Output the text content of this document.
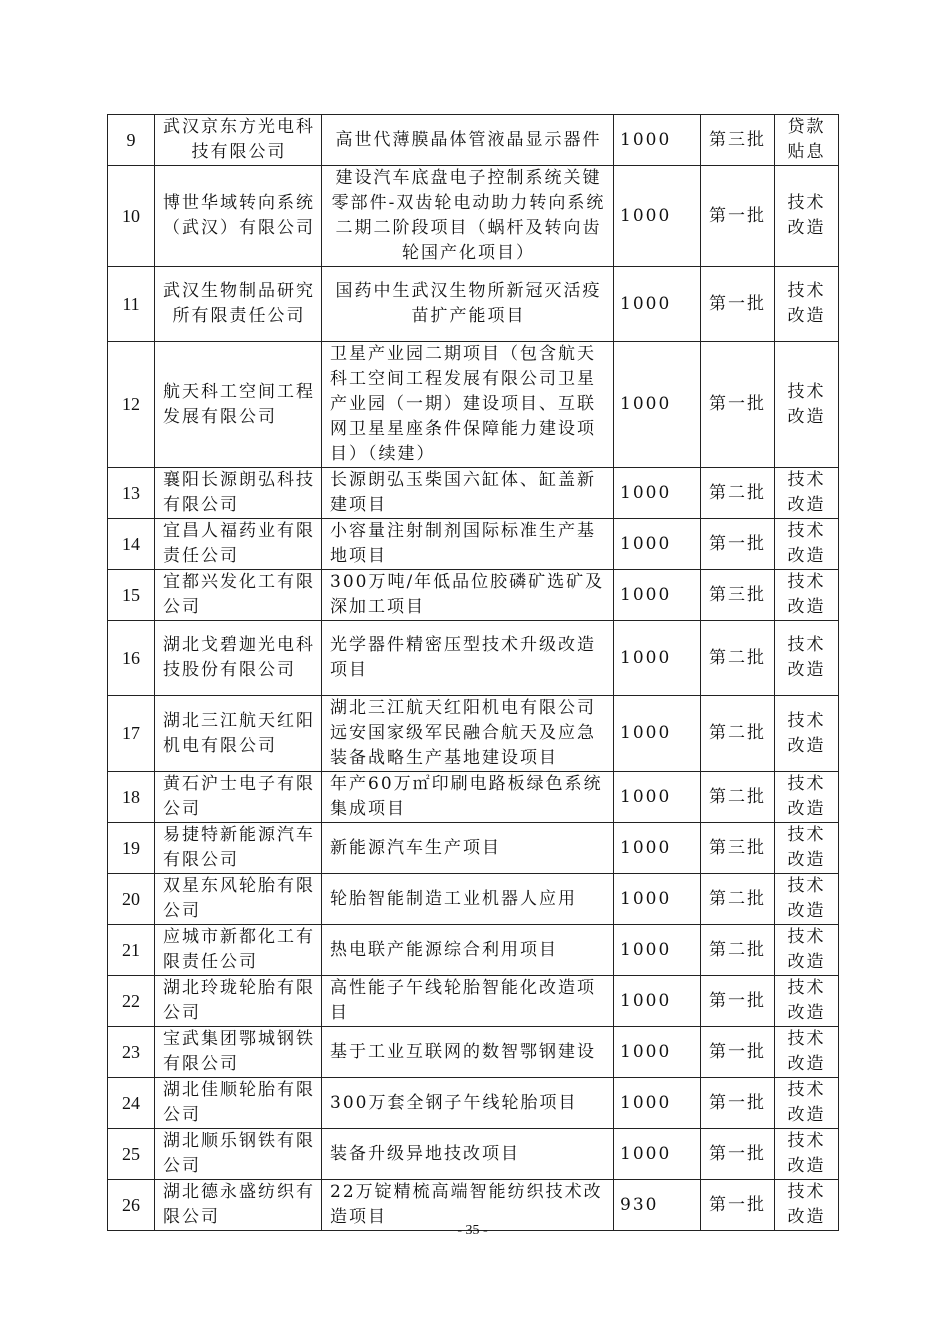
9	武汉京东方光电科技有限公司	高世代薄膜晶体管液晶显示器件	1000	第三批	贷款贴息
10	博世华域转向系统（武汉）有限公司	建设汽车底盘电子控制系统关键零部件-双齿轮电动助力转向系统二期二阶段项目（蜗杆及转向齿轮国产化项目）	1000	第一批	技术改造
11	武汉生物制品研究所有限责任公司	国药中生武汉生物所新冠灭活疫苗扩产能项目	1000	第一批	技术改造
12	航天科工空间工程发展有限公司	卫星产业园二期项目（包含航天科工空间工程发展有限公司卫星产业园（一期）建设项目、互联网卫星星座条件保障能力建设项目）（续建）	1000	第一批	技术改造
13	襄阳长源朗弘科技有限公司	长源朗弘玉柴国六缸体、缸盖新建项目	1000	第二批	技术改造
14	宜昌人福药业有限责任公司	小容量注射制剂国际标准生产基地项目	1000	第一批	技术改造
15	宜都兴发化工有限公司	300万吨/年低品位胶磷矿选矿及深加工项目	1000	第三批	技术改造
16	湖北戈碧迦光电科技股份有限公司	光学器件精密压型技术升级改造项目	1000	第二批	技术改造
17	湖北三江航天红阳机电有限公司	湖北三江航天红阳机电有限公司远安国家级军民融合航天及应急装备战略生产基地建设项目	1000	第二批	技术改造
18	黄石沪士电子有限公司	年产60万㎡印刷电路板绿色系统集成项目	1000	第二批	技术改造
19	易捷特新能源汽车有限公司	新能源汽车生产项目	1000	第三批	技术改造
20	双星东风轮胎有限公司	轮胎智能制造工业机器人应用	1000	第二批	技术改造
21	应城市新都化工有限责任公司	热电联产能源综合利用项目	1000	第二批	技术改造
22	湖北玲珑轮胎有限公司	高性能子午线轮胎智能化改造项目	1000	第一批	技术改造
23	宝武集团鄂城钢铁有限公司	基于工业互联网的数智鄂钢建设	1000	第一批	技术改造
24	湖北佳顺轮胎有限公司	300万套全钢子午线轮胎项目	1000	第一批	技术改造
25	湖北顺乐钢铁有限公司	装备升级异地技改项目	1000	第一批	技术改造
26	湖北德永盛纺织有限公司	22万锭精梳高端智能纺织技术改造项目	930	第一批	技术改造
- 35 -
